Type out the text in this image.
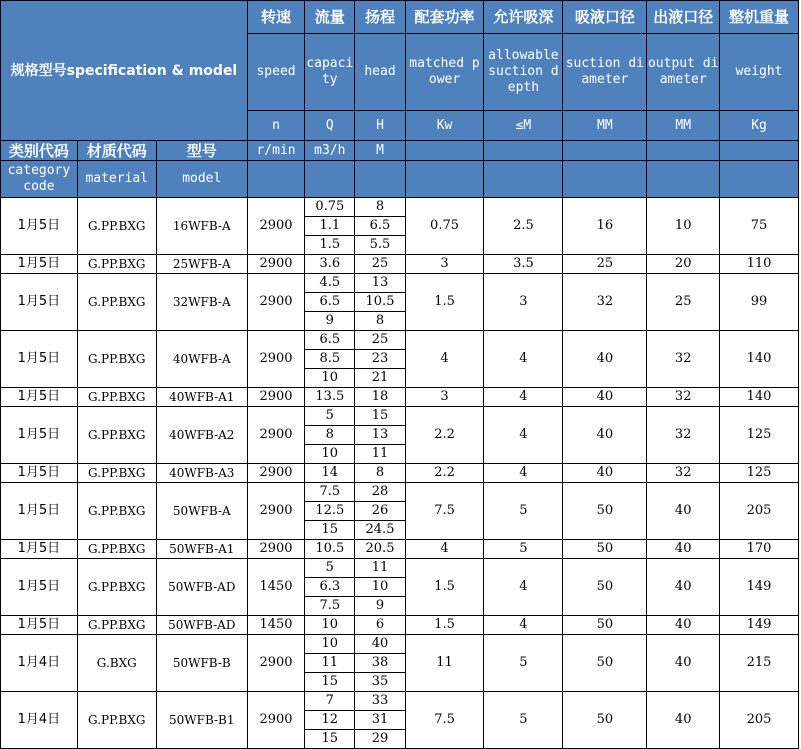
规格型号specification & model			转速	流量	扬程	配套功率	允许吸深	吸液口径	出液口径	整机重量
			speed	capacity	head	matched power	allowable suction depth	suction diameter	output diameter	weight
			n	Q	H	Kw	≤M	MM	MM	Kg
类别代码	材质代码	型号	r/min	m3/h	M					
category code	material	model								
1月5日	G.PP.BXG	16WFB-A	2900	0.75	8	0.75	2.5	16	10	75
				1.1	6.5					
				1.5	5.5					
1月5日	G.PP.BXG	25WFB-A	2900	3.6	25	3	3.5	25	20	110
1月5日	G.PP.BXG	32WFB-A	2900	4.5	13	1.5	3	32	25	99
				6.5	10.5					
				9	8					
1月5日	G.PP.BXG	40WFB-A	2900	6.5	25	4	4	40	32	140
				8.5	23					
				10	21					
1月5日	G.PP.BXG	40WFB-A1	2900	13.5	18	3	4	40	32	140
1月5日	G.PP.BXG	40WFB-A2	2900	5	15	2.2	4	40	32	125
				8	13					
				10	11					
1月5日	G.PP.BXG	40WFB-A3	2900	14	8	2.2	4	40	32	125
1月5日	G.PP.BXG	50WFB-A	2900	7.5	28	7.5	5	50	40	205
				12.5	26					
				15	24.5					
1月5日	G.PP.BXG	50WFB-A1	2900	10.5	20.5	4	5	50	40	170
1月5日	G.PP.BXG	50WFB-AD	1450	5	11	1.5	4	50	40	149
				6.3	10					
				7.5	9					
1月5日	G.PP.BXG	50WFB-AD	1450	10	6	1.5	4	50	40	149
1月4日	G.BXG	50WFB-B	2900	10	40	11	5	50	40	215
				11	38					
				15	35					
1月4日	G.PP.BXG	50WFB-B1	2900	7	33	7.5	5	50	40	205
				12	31					
				15	29					
